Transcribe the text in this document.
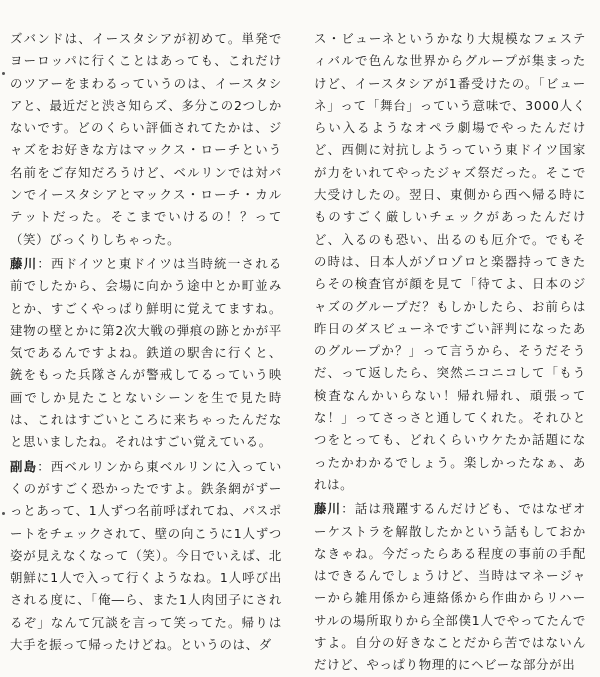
ズバンドは、イースタシアが初めて。単発でヨーロッパに行くことはあっても、これだけのツアーをまわるっていうのは、イースタシアと、最近だと渋さ知らズ、多分この2つしかないです。どのくらい評価されてたかは、ジャズをお好きな方はマックス・ローチという名前をご存知だろうけど、ベルリンでは対バンでイースタシアとマックス・ローチ・カルテットだった。そこまでいけるの！？って（笑）びっくりしちゃった。

藤川：西ドイツと東ドイツは当時統一される前でしたから、会場に向かう途中とか町並みとか、すごくやっぱり鮮明に覚えてますね。建物の壁とかに第2次大戦の弾痕の跡とかが平気であるんですよね。鉄道の駅舎に行くと、銃をもった兵隊さんが警戒してるっていう映画でしか見たことないシーンを生で見た時は、これはすごいところに来ちゃったんだなと思いましたね。それはすごい覚えている。

副島：西ベルリンから東ベルリンに入っていくのがすごく恐かったですよ。鉄条網がずーっとあって、1人ずつ名前呼ばれてね、パスポートをチェックされて、壁の向こうに1人ずつ姿が見えなくなって（笑）。今日でいえば、北朝鮮に1人で入って行くようなね。1人呼び出される度に、「俺―ら、また1人肉団子にされるぞ」なんて冗談を言って笑ってた。帰りは大手を振って帰ったけどね。というのは、ダ

ス・ビューネというかなり大規模なフェスティバルで色んな世界からグループが集まったけど、イースタシアが1番受けたの。「ビューネ」って「舞台」っていう意味で、3000人くらい入るようなオペラ劇場でやったんだけど、西側に対抗しようっていう東ドイツ国家が力をいれてやったジャズ祭だった。そこで大受けしたの。翌日、東側から西へ帰る時にものすごく厳しいチェックがあったんだけど、入るのも恐い、出るのも厄介で。でもその時は、日本人がゾロゾロと楽器持ってきたらその検査官が顔を見て「待てよ、日本のジャズのグループだ？もしかしたら、お前らは昨日のダスビューネですごい評判になったあのグループか？」って言うから、そうだそうだ、って返したら、突然ニコニコして「もう検査なんかいらない！帰れ帰れ、頑張ってな！」ってさっさと通してくれた。それひとつをとっても、どれくらいウケたか話題になったかわかるでしょう。楽しかったなぁ、あれは。

藤川：話は飛躍するんだけども、ではなぜオーケストラを解散したかという話もしておかなきゃね。今だったらある程度の事前の手配はできるんでしょうけど、当時はマネージャーから雑用係から連絡係から作曲からリハーサルの場所取りから全部僕1人でやってたんですよ。自分の好きなことだから苦ではないんだけど、やっぱり物理的にヘビーな部分が出
